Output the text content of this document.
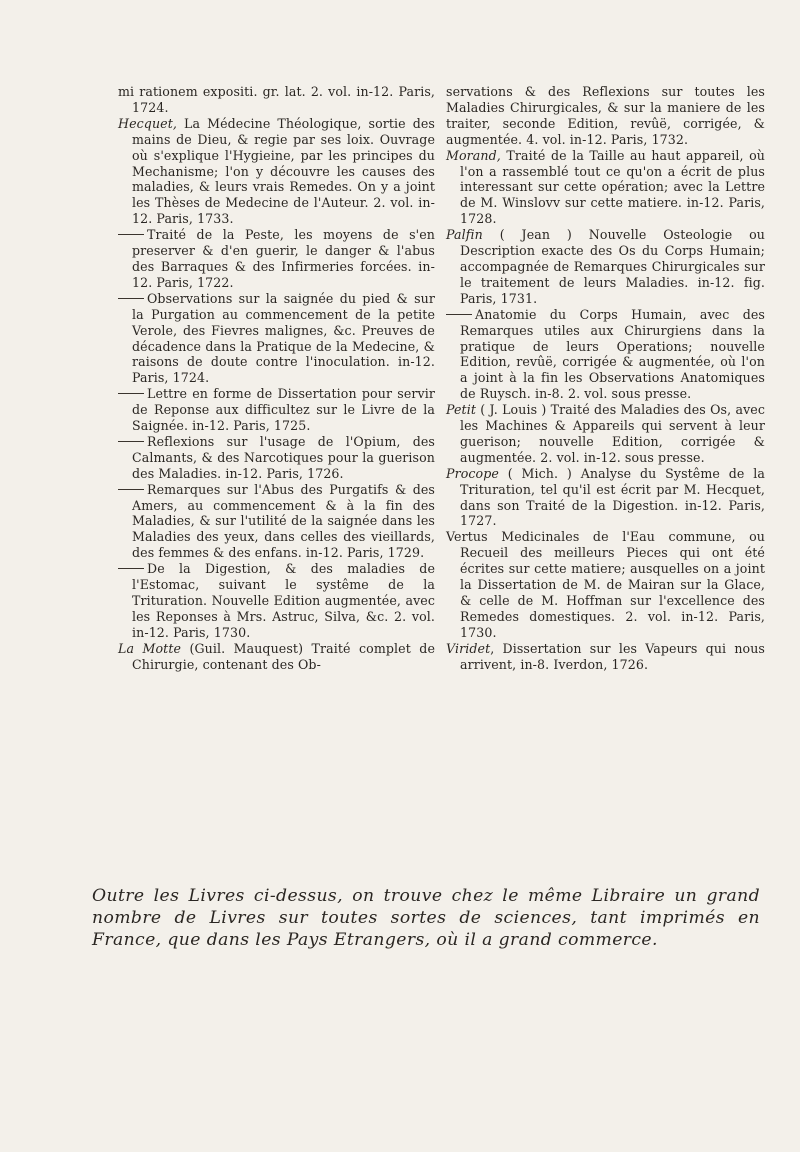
mi rationem expositi. gr. lat. 2. vol. in-12. Paris, 1724.

Hecquet, La Médecine Théologique, sortie des mains de Dieu, & regie par ses loix. Ouvrage où s'explique l'Hygieine, par les principes du Mechanisme; l'on y découvre les causes des maladies, & leurs vrais Remedes. On y a joint les Thèses de Medecine de l'Auteur. 2. vol. in-12. Paris, 1733.

Traité de la Peste, les moyens de s'en preserver & d'en guerir, le danger & l'abus des Barraques & des Infirmeries forcées. in-12. Paris, 1722.

Observations sur la saignée du pied & sur la Purgation au commencement de la petite Verole, des Fievres malignes, &c. Preuves de décadence dans la Pratique de la Medecine, & raisons de doute contre l'inoculation. in-12. Paris, 1724.

Lettre en forme de Dissertation pour servir de Reponse aux difficultez sur le Livre de la Saignée. in-12. Paris, 1725.

Reflexions sur l'usage de l'Opium, des Calmants, & des Narcotiques pour la guerison des Maladies. in-12. Paris, 1726.

Remarques sur l'Abus des Purgatifs & des Amers, au commencement & à la fin des Maladies, & sur l'utilité de la saignée dans les Maladies des yeux, dans celles des vieillards, des femmes & des enfans. in-12. Paris, 1729.

De la Digestion, & des maladies de l'Estomac, suivant le systême de la Trituration. Nouvelle Edition augmentée, avec les Reponses à Mrs. Astruc, Silva, &c. 2. vol. in-12. Paris, 1730.

La Motte (Guil. Mauquest) Traité complet de Chirurgie, contenant des Ob-

servations & des Reflexions sur toutes les Maladies Chirurgicales, & sur la maniere de les traiter, seconde Edition, revûë, corrigée, & augmentée. 4. vol. in-12. Paris, 1732.

Morand, Traité de la Taille au haut appareil, où l'on a rassemblé tout ce qu'on a écrit de plus interessant sur cette opération; avec la Lettre de M. Winslovv sur cette matiere. in-12. Paris, 1728.

Palfin ( Jean ) Nouvelle Osteologie ou Description exacte des Os du Corps Humain; accompagnée de Remarques Chirurgicales sur le traitement de leurs Maladies. in-12. fig. Paris, 1731.

Anatomie du Corps Humain, avec des Remarques utiles aux Chirurgiens dans la pratique de leurs Operations; nouvelle Edition, revûë, corrigée & augmentée, où l'on a joint à la fin les Observations Anatomiques de Ruysch. in-8. 2. vol. sous presse.

Petit ( J. Louis ) Traité des Maladies des Os, avec les Machines & Appareils qui servent à leur guerison; nouvelle Edition, corrigée & augmentée. 2. vol. in-12. sous presse.

Procope ( Mich. ) Analyse du Systême de la Trituration, tel qu'il est écrit par M. Hecquet, dans son Traité de la Digestion. in-12. Paris, 1727.

Vertus Medicinales de l'Eau commune, ou Recueil des meilleurs Pieces qui ont été écrites sur cette matiere; ausquelles on a joint la Dissertation de M. de Mairan sur la Glace, & celle de M. Hoffman sur l'excellence des Remedes domestiques. 2. vol. in-12. Paris, 1730.

Viridet, Dissertation sur les Vapeurs qui nous arrivent, in-8. Iverdon, 1726.

Outre les Livres ci-dessus, on trouve chez le même Libraire un grand nombre de Livres sur toutes sortes de sciences, tant imprimés en France, que dans les Pays Etrangers, où il a grand commerce.
